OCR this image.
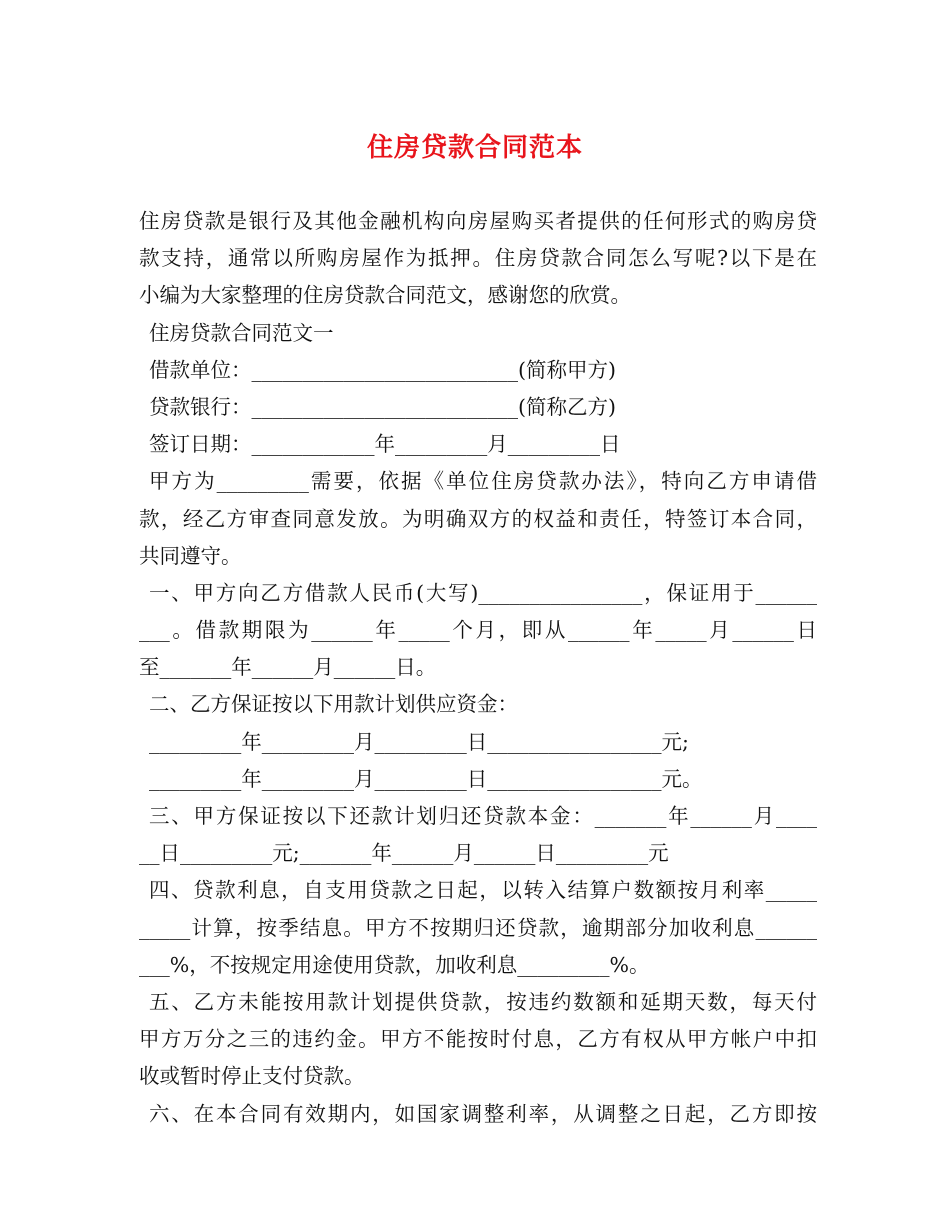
住房贷款合同范本
住房贷款是银行及其他金融机构向房屋购买者提供的任何形式的购房贷
款支持，通常以所购房屋作为抵押。住房贷款合同怎么写呢?以下是在
小编为大家整理的住房贷款合同范文，感谢您的欣赏。
住房贷款合同范文一
借款单位：__________________________(简称甲方)
贷款银行：__________________________(简称乙方)
签订日期：____________年_________月_________日
甲方为_________需要，依据《单位住房贷款办法》，特向乙方申请借
款，经乙方审查同意发放。为明确双方的权益和责任，特签订本合同，
共同遵守。
一、甲方向乙方借款人民币(大写)________________，保证用于______
___。借款期限为______年_____个月，即从______年_____月______日
至_______年______月______日。
二、乙方保证按以下用款计划供应资金：
_________年_________月_________日_________________元;
_________年_________月_________日_________________元。
三、甲方保证按以下还款计划归还贷款本金：_______年______月____
__日_________元;_______年______月______日_________元
四、贷款利息，自支用贷款之日起，以转入结算户数额按月利率_____
_____计算，按季结息。甲方不按期归还贷款，逾期部分加收利息______
___%，不按规定用途使用贷款，加收利息_________%。
五、乙方未能按用款计划提供贷款，按违约数额和延期天数，每天付
甲方万分之三的违约金。甲方不能按时付息，乙方有权从甲方帐户中扣
收或暂时停止支付贷款。
六、在本合同有效期内，如国家调整利率，从调整之日起，乙方即按
